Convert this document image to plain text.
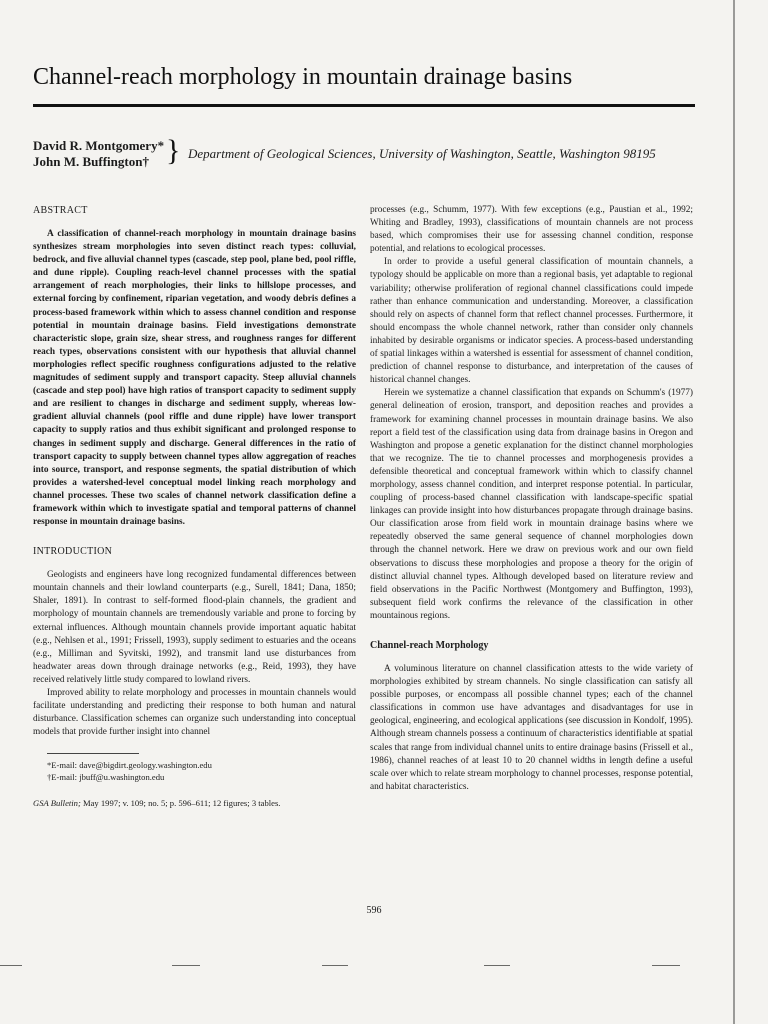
Channel-reach morphology in mountain drainage basins
David R. Montgomery*
John M. Buffington† } Department of Geological Sciences, University of Washington, Seattle, Washington 98195
ABSTRACT

A classification of channel-reach morphology in mountain drainage basins synthesizes stream morphologies into seven distinct reach types: colluvial, bedrock, and five alluvial channel types (cascade, step pool, plane bed, pool riffle, and dune ripple). Coupling reach-level channel processes with the spatial arrangement of reach morphologies, their links to hillslope processes, and external forcing by confinement, riparian vegetation, and woody debris defines a process-based framework within which to assess channel condition and response potential in mountain drainage basins. Field investigations demonstrate characteristic slope, grain size, shear stress, and roughness ranges for different reach types, observations consistent with our hypothesis that alluvial channel morphologies reflect specific roughness configurations adjusted to the relative magnitudes of sediment supply and transport capacity. Steep alluvial channels (cascade and step pool) have high ratios of transport capacity to sediment supply and are resilient to changes in discharge and sediment supply, whereas low-gradient alluvial channels (pool riffle and dune ripple) have lower transport capacity to supply ratios and thus exhibit significant and prolonged response to changes in sediment supply and discharge. General differences in the ratio of transport capacity to supply between channel types allow aggregation of reaches into source, transport, and response segments, the spatial distribution of which provides a watershed-level conceptual model linking reach morphology and channel processes. These two scales of channel network classification define a framework within which to investigate spatial and temporal patterns of channel response in mountain drainage basins.

INTRODUCTION

Geologists and engineers have long recognized fundamental differences between mountain channels and their lowland counterparts (e.g., Surell, 1841; Dana, 1850; Shaler, 1891). In contrast to self-formed flood-plain channels, the gradient and morphology of mountain channels are tremendously variable and prone to forcing by external influences. Although mountain channels provide important aquatic habitat (e.g., Nehlsen et al., 1991; Frissell, 1993), supply sediment to estuaries and the oceans (e.g., Milliman and Syvitski, 1992), and transmit land use disturbances from headwater areas down through drainage networks (e.g., Reid, 1993), they have received relatively little study compared to lowland rivers.

Improved ability to relate morphology and processes in mountain channels would facilitate understanding and predicting their response to both human and natural disturbance. Classification schemes can organize such understanding into conceptual models that provide further insight into channel

*E-mail: dave@bigdirt.geology.washington.edu
†E-mail: jbuff@u.washington.edu
GSA Bulletin; May 1997; v. 109; no. 5; p. 596–611; 12 figures; 3 tables.

processes (e.g., Schumm, 1977). With few exceptions (e.g., Paustian et al., 1992; Whiting and Bradley, 1993), classifications of mountain channels are not process based, which compromises their use for assessing channel condition, response potential, and relations to ecological processes.

In order to provide a useful general classification of mountain channels, a typology should be applicable on more than a regional basis, yet adaptable to regional variability; otherwise proliferation of regional channel classifications could impede rather than enhance communication and understanding. Moreover, a classification should rely on aspects of channel form that reflect channel processes. Furthermore, it should encompass the whole channel network, rather than consider only channels inhabited by desirable organisms or indicator species. A process-based understanding of spatial linkages within a watershed is essential for assessment of channel condition, prediction of channel response to disturbance, and interpretation of the causes of historical channel changes.

Herein we systematize a channel classification that expands on Schumm's (1977) general delineation of erosion, transport, and deposition reaches and provides a framework for examining channel processes in mountain drainage basins. We also report a field test of the classification using data from drainage basins in Oregon and Washington and propose a genetic explanation for the distinct channel morphologies that we recognize. The tie to channel processes and morphogenesis provides a defensible theoretical and conceptual framework within which to classify channel morphology, assess channel condition, and interpret response potential. In particular, coupling of process-based channel classification with landscape-specific spatial linkages can provide insight into how disturbances propagate through drainage basins. Our classification arose from field work in mountain drainage basins where we repeatedly observed the same general sequence of channel morphologies down through the channel network. Here we draw on previous work and our own field observations to discuss these morphologies and propose a theory for the origin of distinct alluvial channel types. Although developed based on literature review and field observations in the Pacific Northwest (Montgomery and Buffington, 1993), subsequent field work confirms the relevance of the classification in other mountainous regions.

Channel-reach Morphology

A voluminous literature on channel classification attests to the wide variety of morphologies exhibited by stream channels. No single classification can satisfy all possible purposes, or encompass all possible channel types; each of the channel classifications in common use have advantages and disadvantages for use in geological, engineering, and ecological applications (see discussion in Kondolf, 1995). Although stream channels possess a continuum of characteristics identifiable at spatial scales that range from individual channel units to entire drainage basins (Frissell et al., 1986), channel reaches of at least 10 to 20 channel widths in length define a useful scale over which to relate stream morphology to channel processes, response potential, and habitat characteristics.

596
